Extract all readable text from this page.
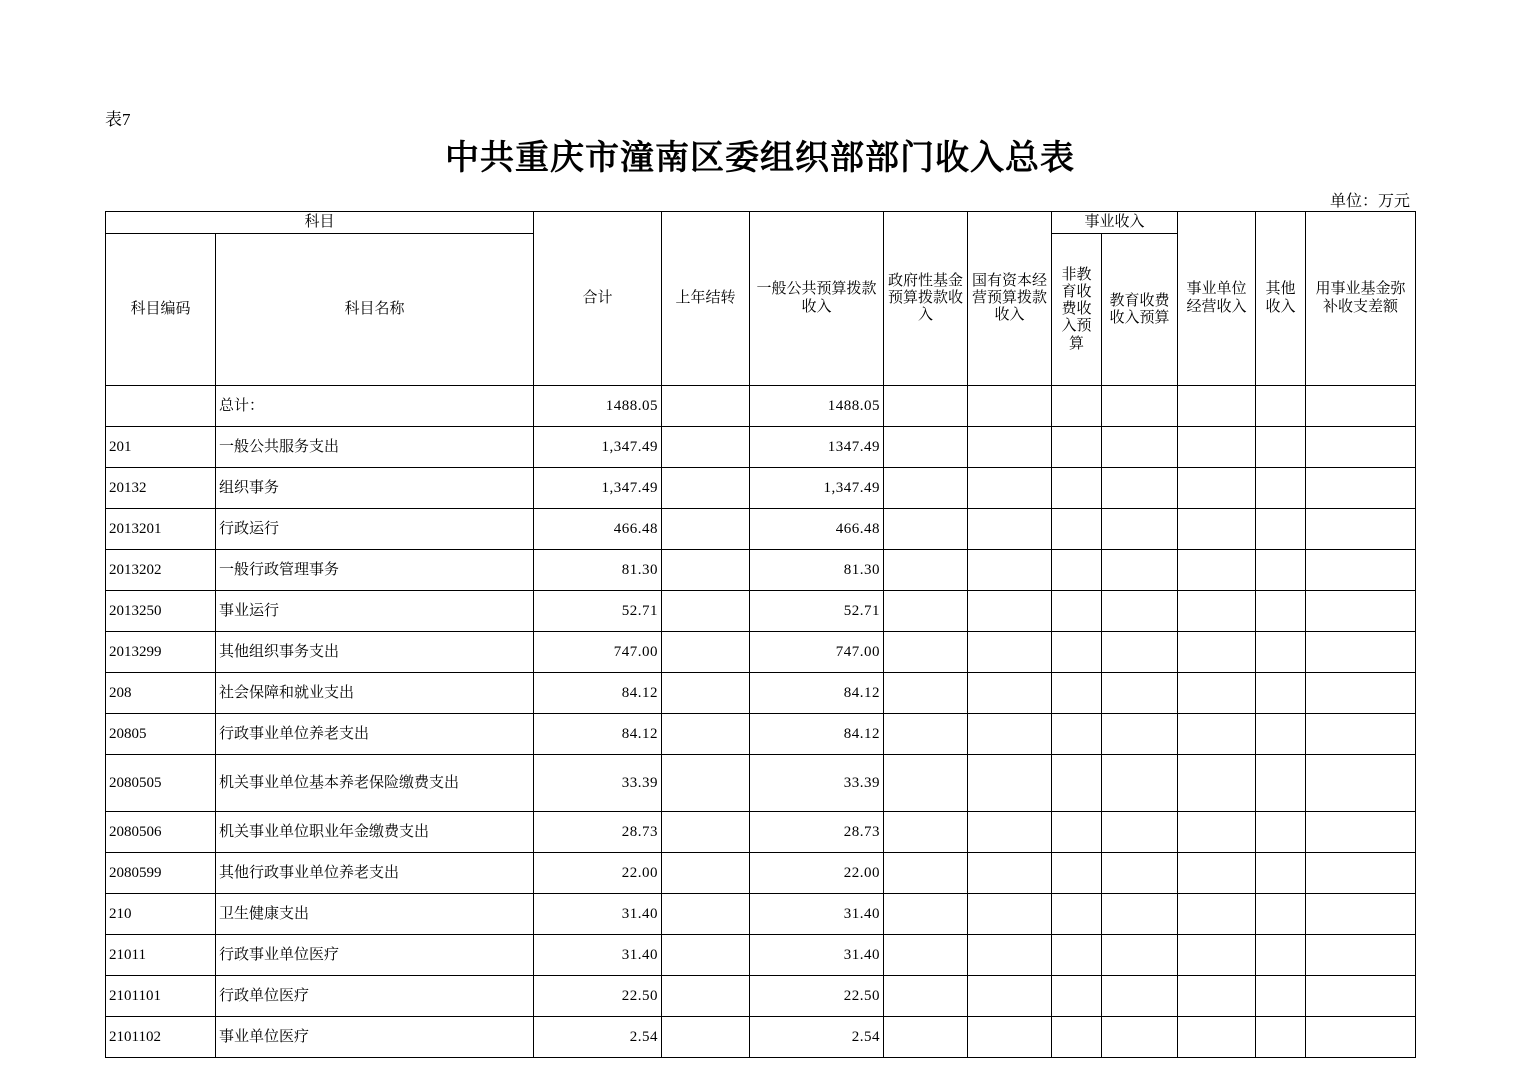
表7
中共重庆市潼南区委组织部部门收入总表
单位：万元
科目		合计	上年结转	一般公共预算拨款收入	政府性基金预算拨款收入	国有资本经营预算拨款收入	事业收入		事业单位经营收入	其他收入	用事业基金弥补收支差额
科目编码	科目名称						非教育收费收入预算	教育收费收入预算			
	总计：	1488.05		1488.05							
201	一般公共服务支出	1,347.49		1347.49							
20132	组织事务	1,347.49		1,347.49							
2013201	行政运行	466.48		466.48							
2013202	一般行政管理事务	81.30		81.30							
2013250	事业运行	52.71		52.71							
2013299	其他组织事务支出	747.00		747.00							
208	社会保障和就业支出	84.12		84.12							
20805	行政事业单位养老支出	84.12		84.12							
2080505	机关事业单位基本养老保险缴费支出	33.39		33.39							
2080506	机关事业单位职业年金缴费支出	28.73		28.73							
2080599	其他行政事业单位养老支出	22.00		22.00							
210	卫生健康支出	31.40		31.40							
21011	行政事业单位医疗	31.40		31.40							
2101101	行政单位医疗	22.50		22.50							
2101102	事业单位医疗	2.54		2.54							
